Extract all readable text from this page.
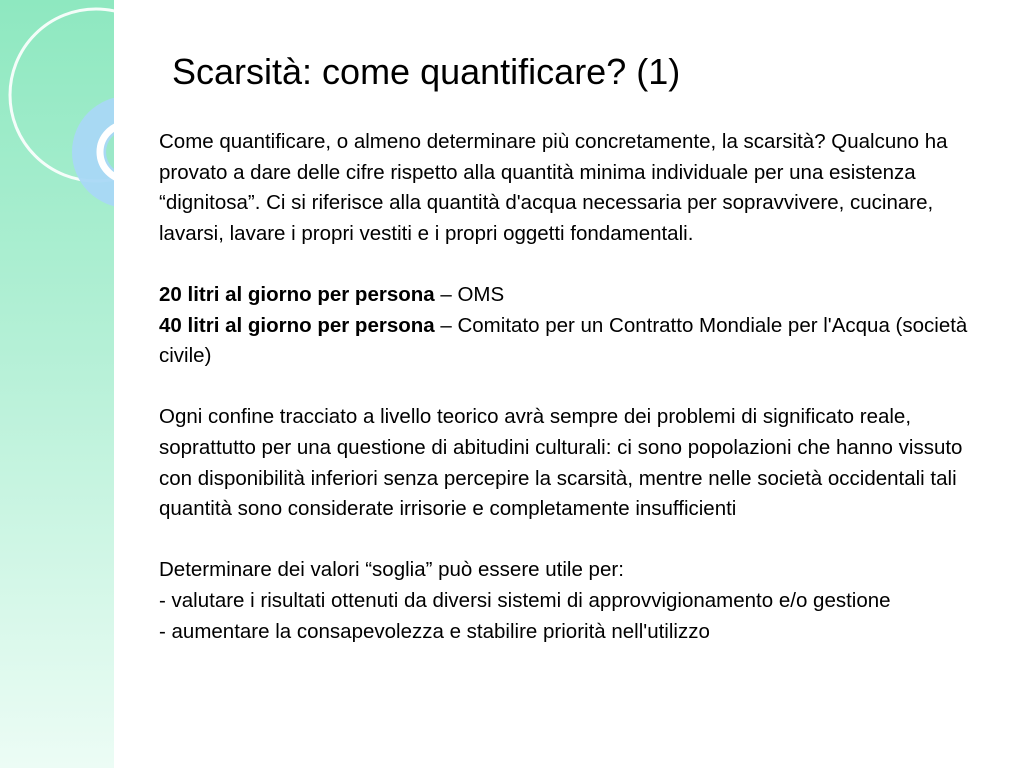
Scarsità: come quantificare? (1)

Come quantificare, o almeno determinare più concretamente, la scarsità? Qualcuno ha provato a dare delle cifre rispetto alla quantità minima individuale per una esistenza “dignitosa”. Ci si riferisce alla quantità d'acqua necessaria per sopravvivere, cucinare, lavarsi, lavare i propri vestiti e i propri oggetti fondamentali.

20 litri al giorno per persona – OMS

40 litri al giorno per persona – Comitato per un Contratto Mondiale per l'Acqua (società civile)

Ogni confine tracciato a livello teorico avrà sempre dei problemi di significato reale, soprattutto per una questione di abitudini culturali: ci sono popolazioni che hanno vissuto con disponibilità inferiori senza percepire la scarsità, mentre nelle società occidentali tali quantità sono considerate irrisorie e completamente insufficienti

Determinare dei valori “soglia” può essere utile per:

- valutare i risultati ottenuti da diversi sistemi di approvvigionamento e/o gestione

- aumentare la consapevolezza e stabilire priorità nell'utilizzo
